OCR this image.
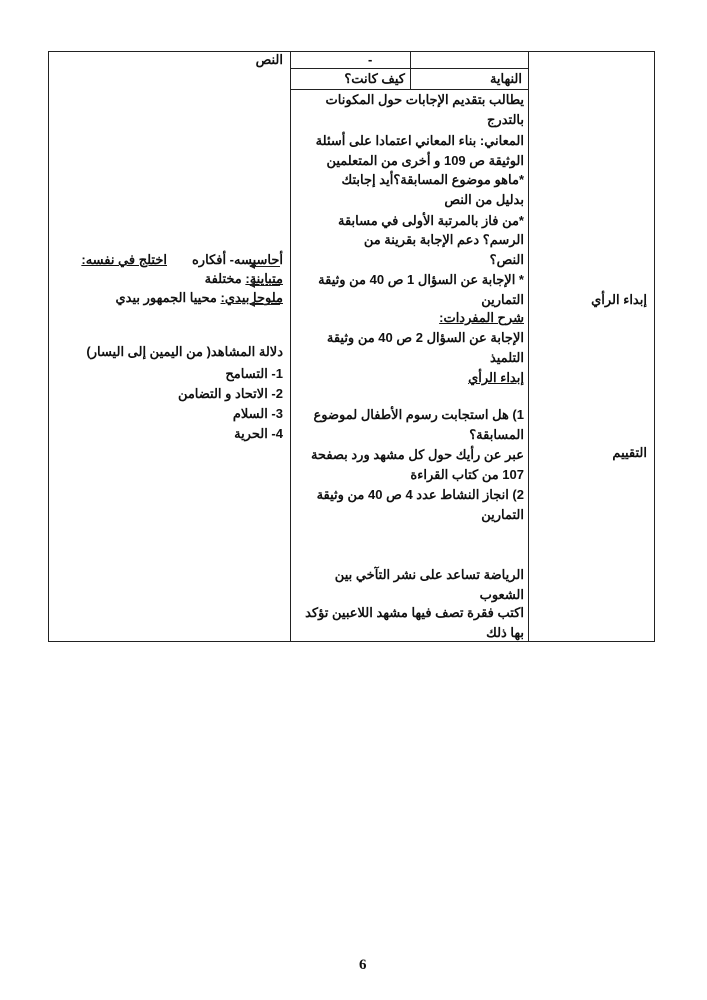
-
النهاية
كيف كانت؟
إبداء الرأي
التقييم
يطالب بتقديم الإجابات حول المكونات
بالتدرج
المعاني: بناء المعاني اعتمادا على أسئلة
الوثيقة ص 109 و أخرى من المتعلمين
*ماهو موضوع المسابقة؟أيد إجابتك
بدليل من النص
*من فاز بالمرتبة الأولى في مسابقة
الرسم؟ دعم الإجابة بقرينة من
النص؟
* الإجابة عن السؤال 1 ص 40 من وثيقة
التمارين
شرح المفردات:
الإجابة عن السؤال 2 ص 40 من وثيقة
التلميذ
إبداء الرأي
1) هل استجابت رسوم الأطفال لموضوع
المسابقة؟
عبر عن رأيك حول كل مشهد ورد بصفحة
107 من كتاب القراءة
2) انجاز النشاط عدد 4 ص 40 من وثيقة
التمارين
الرياضة تساعد على نشر التآخي بين
الشعوب
اكتب فقرة تصف فيها مشهد اللاعبين تؤكد
بها ذلك
النص
اختلج في نفسه: أحاسيسه- أفكاره
متباينة: مختلفة
ملوحا بيدي: محييا الجمهور بيدي
دلالة المشاهد( من اليمين إلى اليسار)
1- التسامح
2- الاتحاد و التضامن
3- السلام
4- الحرية
6
